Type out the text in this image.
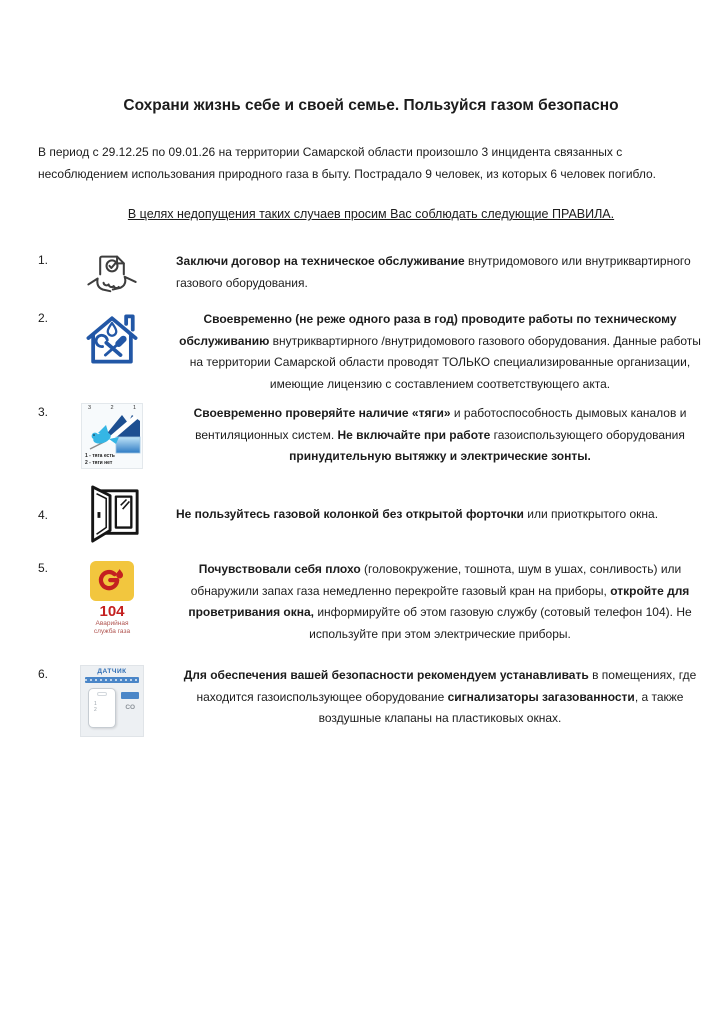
Сохрани жизнь себе и своей семье. Пользуйся газом безопасно

В период с 29.12.25 по 09.01.26 на территории Самарской области произошло 3 инцидента связанных с несоблюдением использования природного газа в быту. Пострадало 9 человек, из которых 6 человек погибло.

В целях недопущения таких случаев просим Вас соблюдать следующие ПРАВИЛА.

1.	Заключи договор на техническое обслуживание внутридомового или внутриквартирного газового оборудования.
2.	Своевременно (не реже одного раза в год) проводите работы по техническому обслуживанию внутриквартирного /внутридомового газового оборудования. Данные работы на территории Самарской области проводят ТОЛЬКО специализированные организации, имеющие лицензию с составлением соответствующего акта.
3.	3	2	1
1 - тяга есть
2 - тяги нет
Своевременно проверяйте наличие «тяги» и работоспособность дымовых каналов и вентиляционных систем. Не включайте при работе газоиспользующего оборудования принудительную вытяжку и электрические зонты.
4.	Не пользуйтесь газовой колонкой без открытой форточки или приоткрытого окна.
5.
104
Аварийная
служба газа
Почувствовали себя плохо (головокружение, тошнота, шум в ушах, сонливость) или обнаружили запах газа немедленно перекройте газовый кран на приборы, откройте для проветривания окна, информируйте об этом газовую службу (сотовый телефон 104). Не используйте при этом электрические приборы.
6.	ДАТЧИК
1
2	СО
Для обеспечения вашей безопасности рекомендуем устанавливать в помещениях, где находится газоиспользующее оборудование сигнализаторы загазованности, а также воздушные клапаны на пластиковых окнах.
